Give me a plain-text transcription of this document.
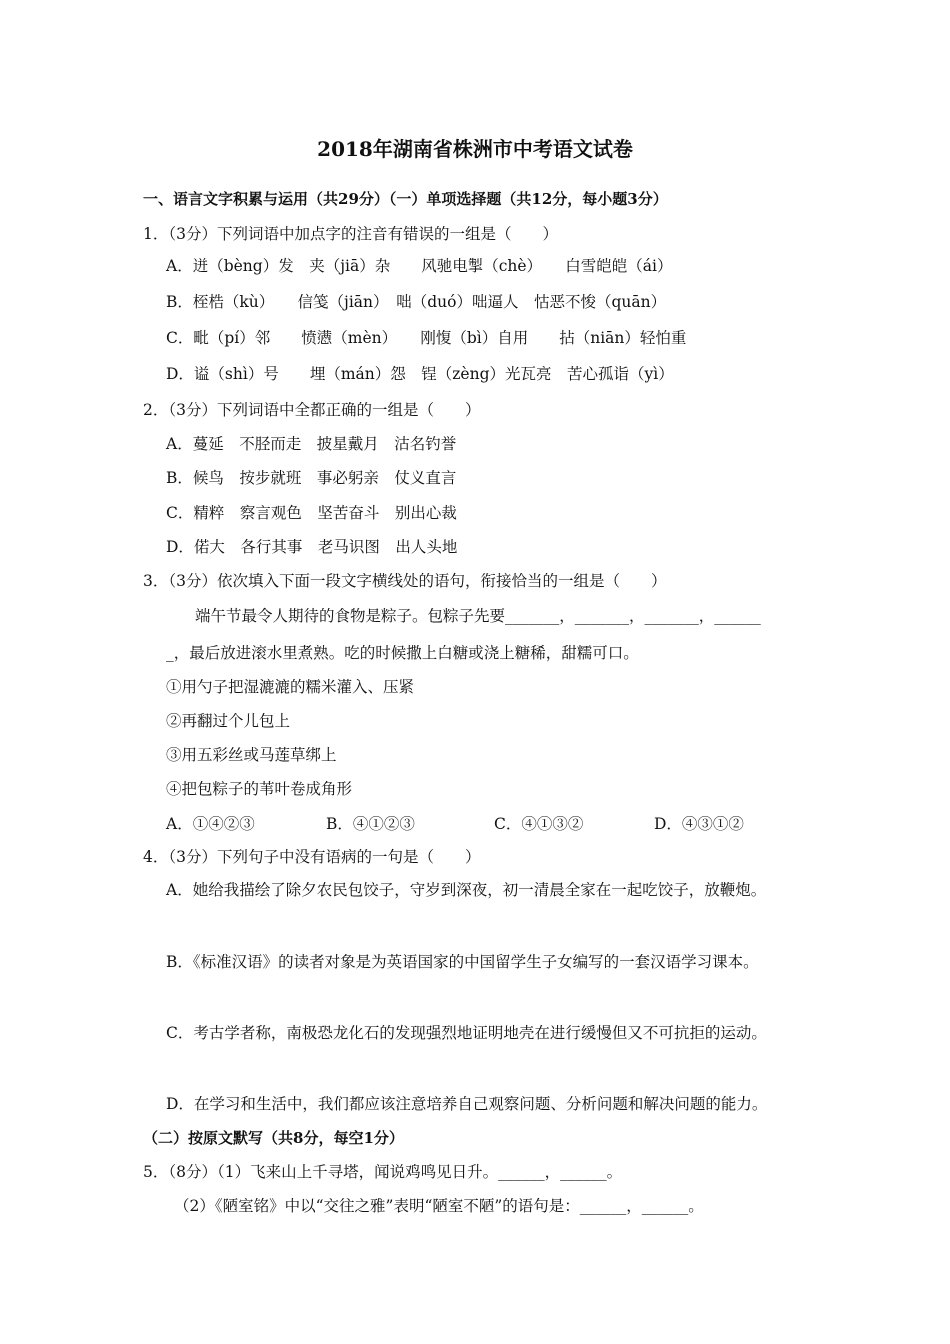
2018年湖南省株洲市中考语文试卷
一、语言文字积累与运用（共29分）（一）单项选择题（共12分，每小题3分）
1．（3分）下列词语中加点字的注音有错误的一组是（　　）
A．迸（bèng）发　夹（jiā）杂　　风驰电掣（chè）　　白雪皑皑（ái）
B．桎梏（kù）　　信笺（jiān）　咄（duó）咄逼人　怙恶不悛（quān）
C．毗（pí）邻　　愤懑（mèn）　　刚愎（bì）自用　　拈（niān）轻怕重
D．谥（shì）号　　埋（mán）怨　锃（zèng）光瓦亮　苦心孤诣（yì）
2．（3分）下列词语中全都正确的一组是（　　）
A．蔓延　不胫而走　披星戴月　沽名钓誉
B．候鸟　按步就班　事必躬亲　仗义直言
C．精粹　察言观色　坚苦奋斗　别出心裁
D．偌大　各行其事　老马识图　出人头地
3．（3分）依次填入下面一段文字横线处的语句，衔接恰当的一组是（　　）
端午节最令人期待的食物是粽子。包粽子先要_______，_______，_______，______
_，最后放进滚水里煮熟。吃的时候撒上白糖或浇上糖稀，甜糯可口。
①用勺子把湿漉漉的糯米灌入、压紧
②再翻过个儿包上
③用五彩丝或马莲草绑上
④把包粽子的苇叶卷成角形
A．①④②③	B．④①②③	C．④①③②	D．④③①②
4．（3分）下列句子中没有语病的一句是（　　）
A．她给我描绘了除夕农民包饺子，守岁到深夜，初一清晨全家在一起吃饺子，放鞭炮。
B．《标准汉语》的读者对象是为英语国家的中国留学生子女编写的一套汉语学习课本。
C．考古学者称，南极恐龙化石的发现强烈地证明地壳在进行缓慢但又不可抗拒的运动。
D．在学习和生活中，我们都应该注意培养自己观察问题、分析问题和解决问题的能力。
（二）按原文默写（共8分，每空1分）
5．（8分）（1）飞来山上千寻塔，闻说鸡鸣见日升。______，______。
（2）《陋室铭》中以“交往之雅”表明“陋室不陋”的语句是：______，______。
